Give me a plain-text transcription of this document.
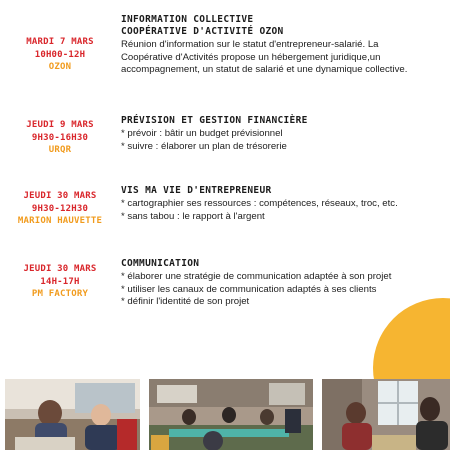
MARDI 7 MARS
10H00-12H
OZON
INFORMATION COLLECTIVE
COOPÉRATIVE D'ACTIVITÉ OZON
Réunion d'information sur le statut d'entrepreneur-salarié. La
Coopérative d'Activités propose un hébergement juridique,un
accompagnement, un statut de salarié et une dynamique collective.
JEUDI 9 MARS
9H30-16H30
URQR
PRÉVISION ET GESTION FINANCIÈRE
* prévoir : bâtir un budget prévisionnel
* suivre : élaborer un plan de trésorerie
JEUDI 30 MARS
9H30-12H30
MARION HAUVETTE
VIS MA VIE D'ENTREPRENEUR
* cartographier ses ressources : compétences, réseaux, troc, etc.
* sans tabou : le rapport à l'argent
JEUDI 30 MARS
14H-17H
PM FACTORY
COMMUNICATION
* élaborer une stratégie de communication adaptée à son projet
* utiliser les canaux de communication adaptés à ses clients
* définir l'identité de son projet
